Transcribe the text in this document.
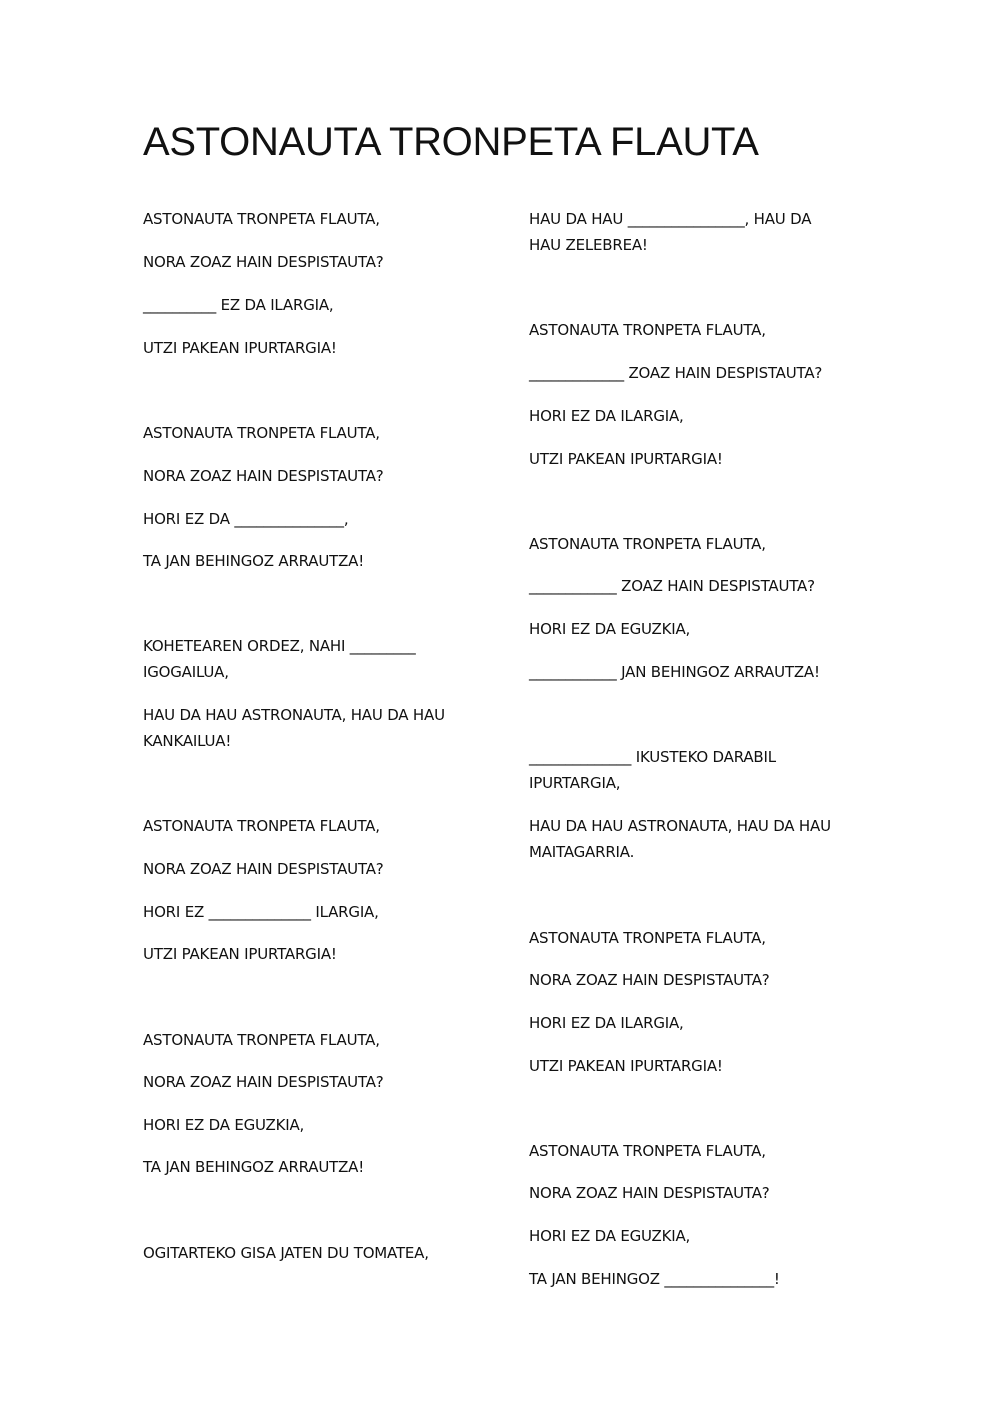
ASTONAUTA TRONPETA FLAUTA

ASTONAUTA TRONPETA FLAUTA,

NORA ZOAZ HAIN DESPISTAUTA?

__________ EZ DA ILARGIA,

UTZI PAKEAN IPURTARGIA!

ASTONAUTA TRONPETA FLAUTA,

NORA ZOAZ HAIN DESPISTAUTA?

HORI EZ DA _______________,

TA JAN BEHINGOZ ARRAUTZA!

KOHETEAREN ORDEZ, NAHI _________

IGOGAILUA,

HAU DA HAU ASTRONAUTA, HAU DA HAU

KANKAILUA!

ASTONAUTA TRONPETA FLAUTA,

NORA ZOAZ HAIN DESPISTAUTA?

HORI EZ ______________ ILARGIA,

UTZI PAKEAN IPURTARGIA!

ASTONAUTA TRONPETA FLAUTA,

NORA ZOAZ HAIN DESPISTAUTA?

HORI EZ DA EGUZKIA,

TA JAN BEHINGOZ ARRAUTZA!

OGITARTEKO GISA JATEN DU TOMATEA,

HAU DA HAU ________________, HAU DA

HAU ZELEBREA!

ASTONAUTA TRONPETA FLAUTA,

_____________ ZOAZ HAIN DESPISTAUTA?

HORI EZ DA ILARGIA,

UTZI PAKEAN IPURTARGIA!

ASTONAUTA TRONPETA FLAUTA,

____________ ZOAZ HAIN DESPISTAUTA?

HORI EZ DA EGUZKIA,

____________ JAN BEHINGOZ ARRAUTZA!

______________ IKUSTEKO DARABIL

IPURTARGIA,

HAU DA HAU ASTRONAUTA, HAU DA HAU

MAITAGARRIA.

ASTONAUTA TRONPETA FLAUTA,

NORA ZOAZ HAIN DESPISTAUTA?

HORI EZ DA ILARGIA,

UTZI PAKEAN IPURTARGIA!

ASTONAUTA TRONPETA FLAUTA,

NORA ZOAZ HAIN DESPISTAUTA?

HORI EZ DA EGUZKIA,

TA JAN BEHINGOZ _______________!
